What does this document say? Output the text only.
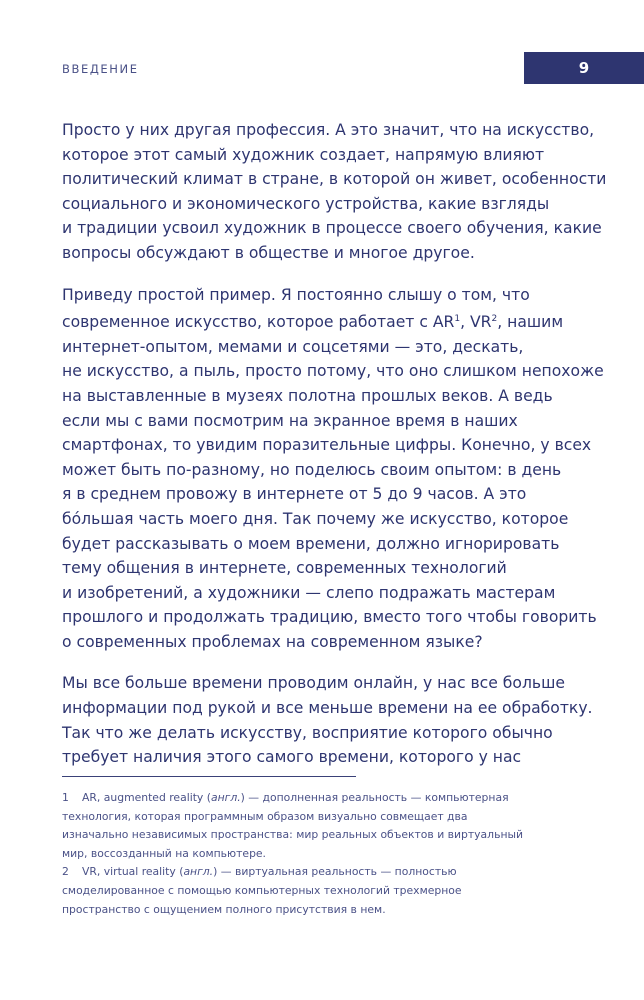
ВВЕДЕНИЕ	9

Просто у них другая профессия. А это значит, что на искусство,
которое этот самый художник создает, напрямую влияют
политический климат в стране, в которой он живет, особенности
социального и экономического устройства, какие взгляды
и традиции усвоил художник в процессе своего обучения, какие
вопросы обсуждают в обществе и многое другое.

Приведу простой пример. Я постоянно слышу о том, что
современное искусство, которое работает с $AR^1$, $VR^2$, нашим
интернет-опытом, мемами и соцсетями — это, дескать,
не искусство, а пыль, просто потому, что оно слишком непохоже
на выставленные в музеях полотна прошлых веков. А ведь
если мы с вами посмотрим на экранное время в наших
смартфонах, то увидим поразительные цифры. Конечно, у всех
может быть по-разному, но поделюсь своим опытом: в день
я в среднем провожу в интернете от 5 до 9 часов. А это
бóльшая часть моего дня. Так почему же искусство, которое
будет рассказывать о моем времени, должно игнорировать
тему общения в интернете, современных технологий
и изобретений, а художники — слепо подражать мастерам
прошлого и продолжать традицию, вместо того чтобы говорить
о современных проблемах на современном языке?

Мы все больше времени проводим онлайн, у нас все больше
информации под рукой и все меньше времени на ее обработку.
Так что же делать искусству, восприятие которого обычно
требует наличия этого самого времени, которого у нас

1 AR, augmented reality (англ.) — дополненная реальность — компьютерная
технология, которая программным образом визуально совмещает два
изначально независимых пространства: мир реальных объектов и виртуальный
мир, воссозданный на компьютере.
2 VR, virtual reality (англ.) — виртуальная реальность — полностью
смоделированное с помощью компьютерных технологий трехмерное
пространство с ощущением полного присутствия в нем.
